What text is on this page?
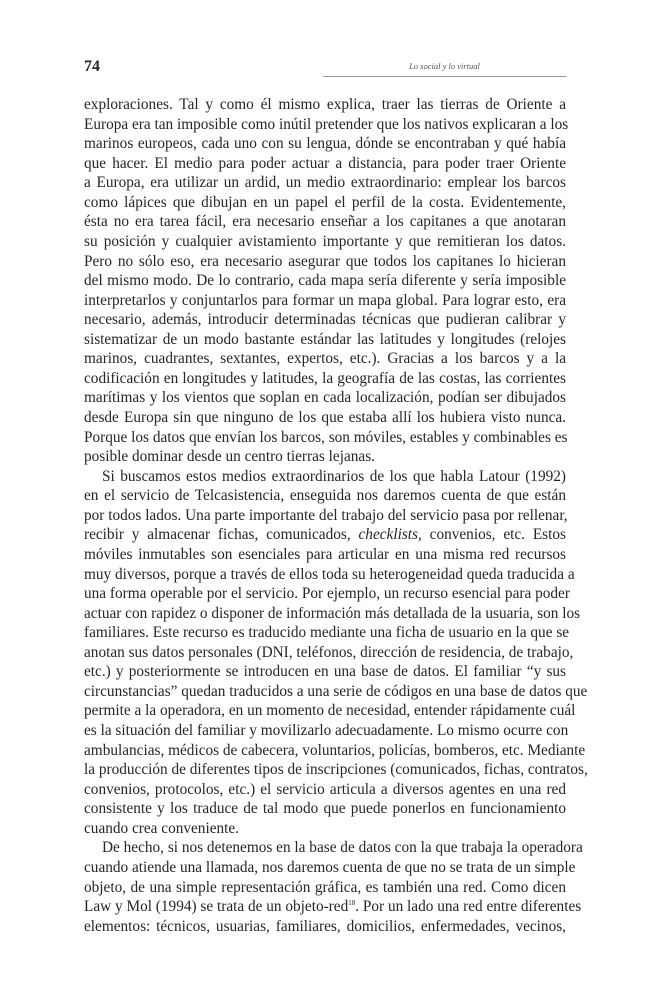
74	Lo social y lo virtual
exploraciones. Tal y como él mismo explica, traer las tierras de Oriente a
Europa era tan imposible como inútil pretender que los nativos explicaran a los
marinos europeos, cada uno con su lengua, dónde se encontraban y qué había
que hacer. El medio para poder actuar a distancia, para poder traer Oriente
a Europa, era utilizar un ardid, un medio extraordinario: emplear los barcos
como lápices que dibujan en un papel el perfil de la costa. Evidentemente,
ésta no era tarea fácil, era necesario enseñar a los capitanes a que anotaran
su posición y cualquier avistamiento importante y que remitieran los datos.
Pero no sólo eso, era necesario asegurar que todos los capitanes lo hicieran
del mismo modo. De lo contrario, cada mapa sería diferente y sería imposible
interpretarlos y conjuntarlos para formar un mapa global. Para lograr esto, era
necesario, además, introducir determinadas técnicas que pudieran calibrar y
sistematizar de un modo bastante estándar las latitudes y longitudes (relojes
marinos, cuadrantes, sextantes, expertos, etc.). Gracias a los barcos y a la
codificación en longitudes y latitudes, la geografía de las costas, las corrientes
marítimas y los vientos que soplan en cada localización, podían ser dibujados
desde Europa sin que ninguno de los que estaba allí los hubiera visto nunca.
Porque los datos que envían los barcos, son móviles, estables y combinables es
posible dominar desde un centro tierras lejanas.
Si buscamos estos medios extraordinarios de los que habla Latour (1992)
en el servicio de Telcasistencia, enseguida nos daremos cuenta de que están
por todos lados. Una parte importante del trabajo del servicio pasa por rellenar,
recibir y almacenar fichas, comunicados, checklists, convenios, etc. Estos
móviles inmutables son esenciales para articular en una misma red recursos
muy diversos, porque a través de ellos toda su heterogeneidad queda traducida a
una forma operable por el servicio. Por ejemplo, un recurso esencial para poder
actuar con rapidez o disponer de información más detallada de la usuaria, son los
familiares. Este recurso es traducido mediante una ficha de usuario en la que se
anotan sus datos personales (DNI, teléfonos, dirección de residencia, de trabajo,
etc.) y posteriormente se introducen en una base de datos. El familiar “y sus
circunstancias” quedan traducidos a una serie de códigos en una base de datos que
permite a la operadora, en un momento de necesidad, entender rápidamente cuál
es la situación del familiar y movilizarlo adecuadamente. Lo mismo ocurre con
ambulancias, médicos de cabecera, voluntarios, policías, bomberos, etc. Mediante
la producción de diferentes tipos de inscripciones (comunicados, fichas, contratos,
convenios, protocolos, etc.) el servicio articula a diversos agentes en una red
consistente y los traduce de tal modo que puede ponerlos en funcionamiento
cuando crea conveniente.
De hecho, si nos detenemos en la base de datos con la que trabaja la operadora
cuando atiende una llamada, nos daremos cuenta de que no se trata de un simple
objeto, de una simple representación gráfica, es también una red. Como dicen
Law y Mol (1994) se trata de un objeto-red$^{18}$. Por un lado una red entre diferentes
elementos: técnicos, usuarias, familiares, domicilios, enfermedades, vecinos,
